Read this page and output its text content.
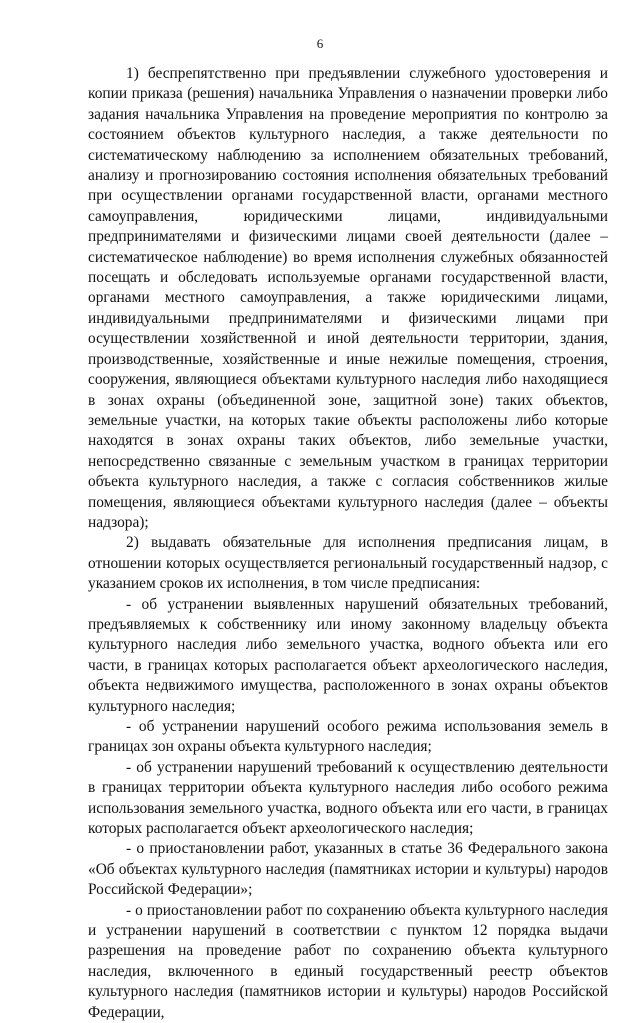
6

1) беспрепятственно при предъявлении служебного удостоверения и копии приказа (решения) начальника Управления о назначении проверки либо задания начальника Управления на проведение мероприятия по контролю за состоянием объектов культурного наследия, а также деятельности по систематическому наблюдению за исполнением обязательных требований, анализу и прогнозированию состояния исполнения обязательных требований при осуществлении органами государственной власти, органами местного самоуправления, юридическими лицами, индивидуальными предпринимателями и физическими лицами своей деятельности (далее – систематическое наблюдение) во время исполнения служебных обязанностей посещать и обследовать используемые органами государственной власти, органами местного самоуправления, а также юридическими лицами, индивидуальными предпринимателями и физическими лицами при осуществлении хозяйственной и иной деятельности территории, здания, производственные, хозяйственные и иные нежилые помещения, строения, сооружения, являющиеся объектами культурного наследия либо находящиеся в зонах охраны (объединенной зоне, защитной зоне) таких объектов, земельные участки, на которых такие объекты расположены либо которые находятся в зонах охраны таких объектов, либо земельные участки, непосредственно связанные с земельным участком в границах территории объекта культурного наследия, а также с согласия собственников жилые помещения, являющиеся объектами культурного наследия (далее – объекты надзора);

2) выдавать обязательные для исполнения предписания лицам, в отношении которых осуществляется региональный государственный надзор, с указанием сроков их исполнения, в том числе предписания:

- об устранении выявленных нарушений обязательных требований, предъявляемых к собственнику или иному законному владельцу объекта культурного наследия либо земельного участка, водного объекта или его части, в границах которых располагается объект археологического наследия, объекта недвижимого имущества, расположенного в зонах охраны объектов культурного наследия;

- об устранении нарушений особого режима использования земель в границах зон охраны объекта культурного наследия;

- об устранении нарушений требований к осуществлению деятельности в границах территории объекта культурного наследия либо особого режима использования земельного участка, водного объекта или его части, в границах которых располагается объект археологического наследия;

- о приостановлении работ, указанных в статье 36 Федерального закона «Об объектах культурного наследия (памятниках истории и культуры) народов Российской Федерации»;

- о приостановлении работ по сохранению объекта культурного наследия и устранении нарушений в соответствии с пунктом 12 порядка выдачи разрешения на проведение работ по сохранению объекта культурного наследия, включенного в единый государственный реестр объектов культурного наследия (памятников истории и культуры) народов Российской Федерации,
